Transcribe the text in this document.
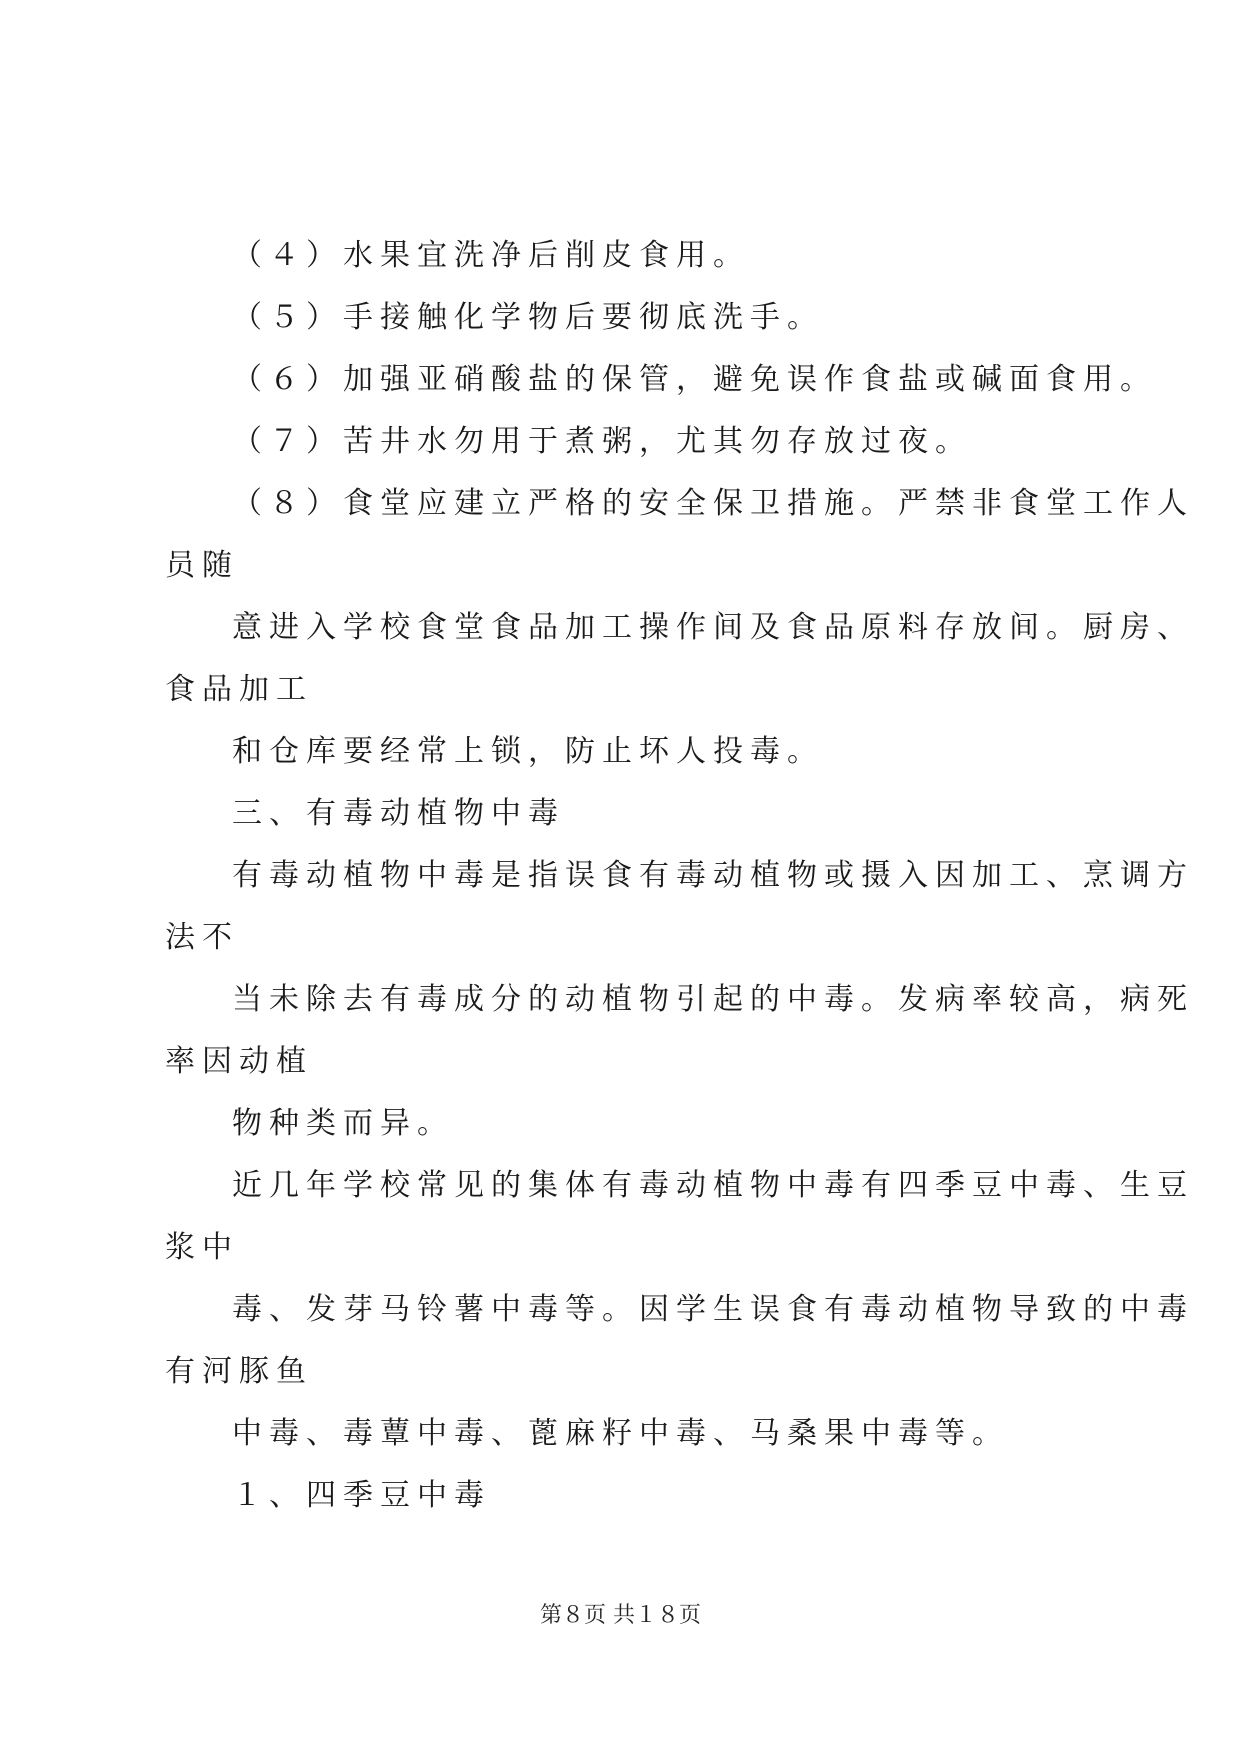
（４）水果宜洗净后削皮食用。
（５）手接触化学物后要彻底洗手。
（６）加强亚硝酸盐的保管，避免误作食盐或碱面食用。
（７）苦井水勿用于煮粥，尤其勿存放过夜。
（８）食堂应建立严格的安全保卫措施。严禁非食堂工作人
员随
意进入学校食堂食品加工操作间及食品原料存放间。厨房、
食品加工
和仓库要经常上锁，防止坏人投毒。
三、有毒动植物中毒
有毒动植物中毒是指误食有毒动植物或摄入因加工、烹调方
法不
当未除去有毒成分的动植物引起的中毒。发病率较高，病死
率因动植
物种类而异。
近几年学校常见的集体有毒动植物中毒有四季豆中毒、生豆
浆中
毒、发芽马铃薯中毒等。因学生误食有毒动植物导致的中毒
有河豚鱼
中毒、毒蕈中毒、蓖麻籽中毒、马桑果中毒等。
１、四季豆中毒
第８页 共１８页
